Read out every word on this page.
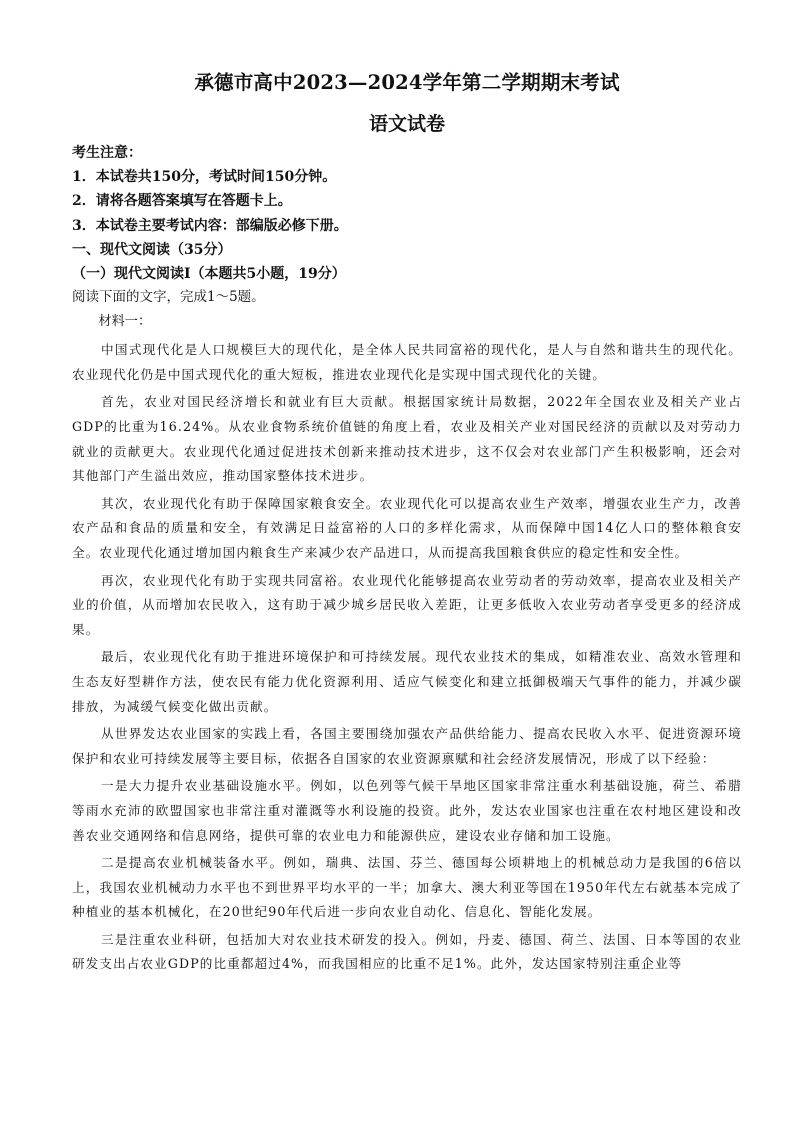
承德市高中2023—2024学年第二学期期末考试
语文试卷
考生注意：
1．本试卷共150分，考试时间150分钟。
2．请将各题答案填写在答题卡上。
3．本试卷主要考试内容：部编版必修下册。
一、现代文阅读（35分）
（一）现代文阅读Ⅰ（本题共5小题，19分）
阅读下面的文字，完成1～5题。
材料一：

中国式现代化是人口规模巨大的现代化，是全体人民共同富裕的现代化，是人与自然和谐共生的现代化。农业现代化仍是中国式现代化的重大短板，推进农业现代化是实现中国式现代化的关键。

首先，农业对国民经济增长和就业有巨大贡献。根据国家统计局数据，2022年全国农业及相关产业占GDP的比重为16.24%。从农业食物系统价值链的角度上看，农业及相关产业对国民经济的贡献以及对劳动力就业的贡献更大。农业现代化通过促进技术创新来推动技术进步，这不仅会对农业部门产生积极影响，还会对其他部门产生溢出效应，推动国家整体技术进步。

其次，农业现代化有助于保障国家粮食安全。农业现代化可以提高农业生产效率，增强农业生产力，改善农产品和食品的质量和安全，有效满足日益富裕的人口的多样化需求，从而保障中国14亿人口的整体粮食安全。农业现代化通过增加国内粮食生产来减少农产品进口，从而提高我国粮食供应的稳定性和安全性。

再次，农业现代化有助于实现共同富裕。农业现代化能够提高农业劳动者的劳动效率，提高农业及相关产业的价值，从而增加农民收入，这有助于减少城乡居民收入差距，让更多低收入农业劳动者享受更多的经济成果。

最后，农业现代化有助于推进环境保护和可持续发展。现代农业技术的集成，如精准农业、高效水管理和生态友好型耕作方法，使农民有能力优化资源利用、适应气候变化和建立抵御极端天气事件的能力，并减少碳排放，为减缓气候变化做出贡献。

从世界发达农业国家的实践上看，各国主要围绕加强农产品供给能力、提高农民收入水平、促进资源环境保护和农业可持续发展等主要目标，依据各自国家的农业资源禀赋和社会经济发展情况，形成了以下经验：

一是大力提升农业基础设施水平。例如，以色列等气候干旱地区国家非常注重水利基础设施，荷兰、希腊等雨水充沛的欧盟国家也非常注重对灌溉等水利设施的投资。此外，发达农业国家也注重在农村地区建设和改善农业交通网络和信息网络，提供可靠的农业电力和能源供应，建设农业存储和加工设施。

二是提高农业机械装备水平。例如，瑞典、法国、芬兰、德国每公顷耕地上的机械总动力是我国的6倍以上，我国农业机械动力水平也不到世界平均水平的一半；加拿大、澳大利亚等国在1950年代左右就基本完成了种植业的基本机械化，在20世纪90年代后进一步向农业自动化、信息化、智能化发展。

三是注重农业科研，包括加大对农业技术研发的投入。例如，丹麦、德国、荷兰、法国、日本等国的农业研发支出占农业GDP的比重都超过4%，而我国相应的比重不足1%。此外，发达国家特别注重企业等
